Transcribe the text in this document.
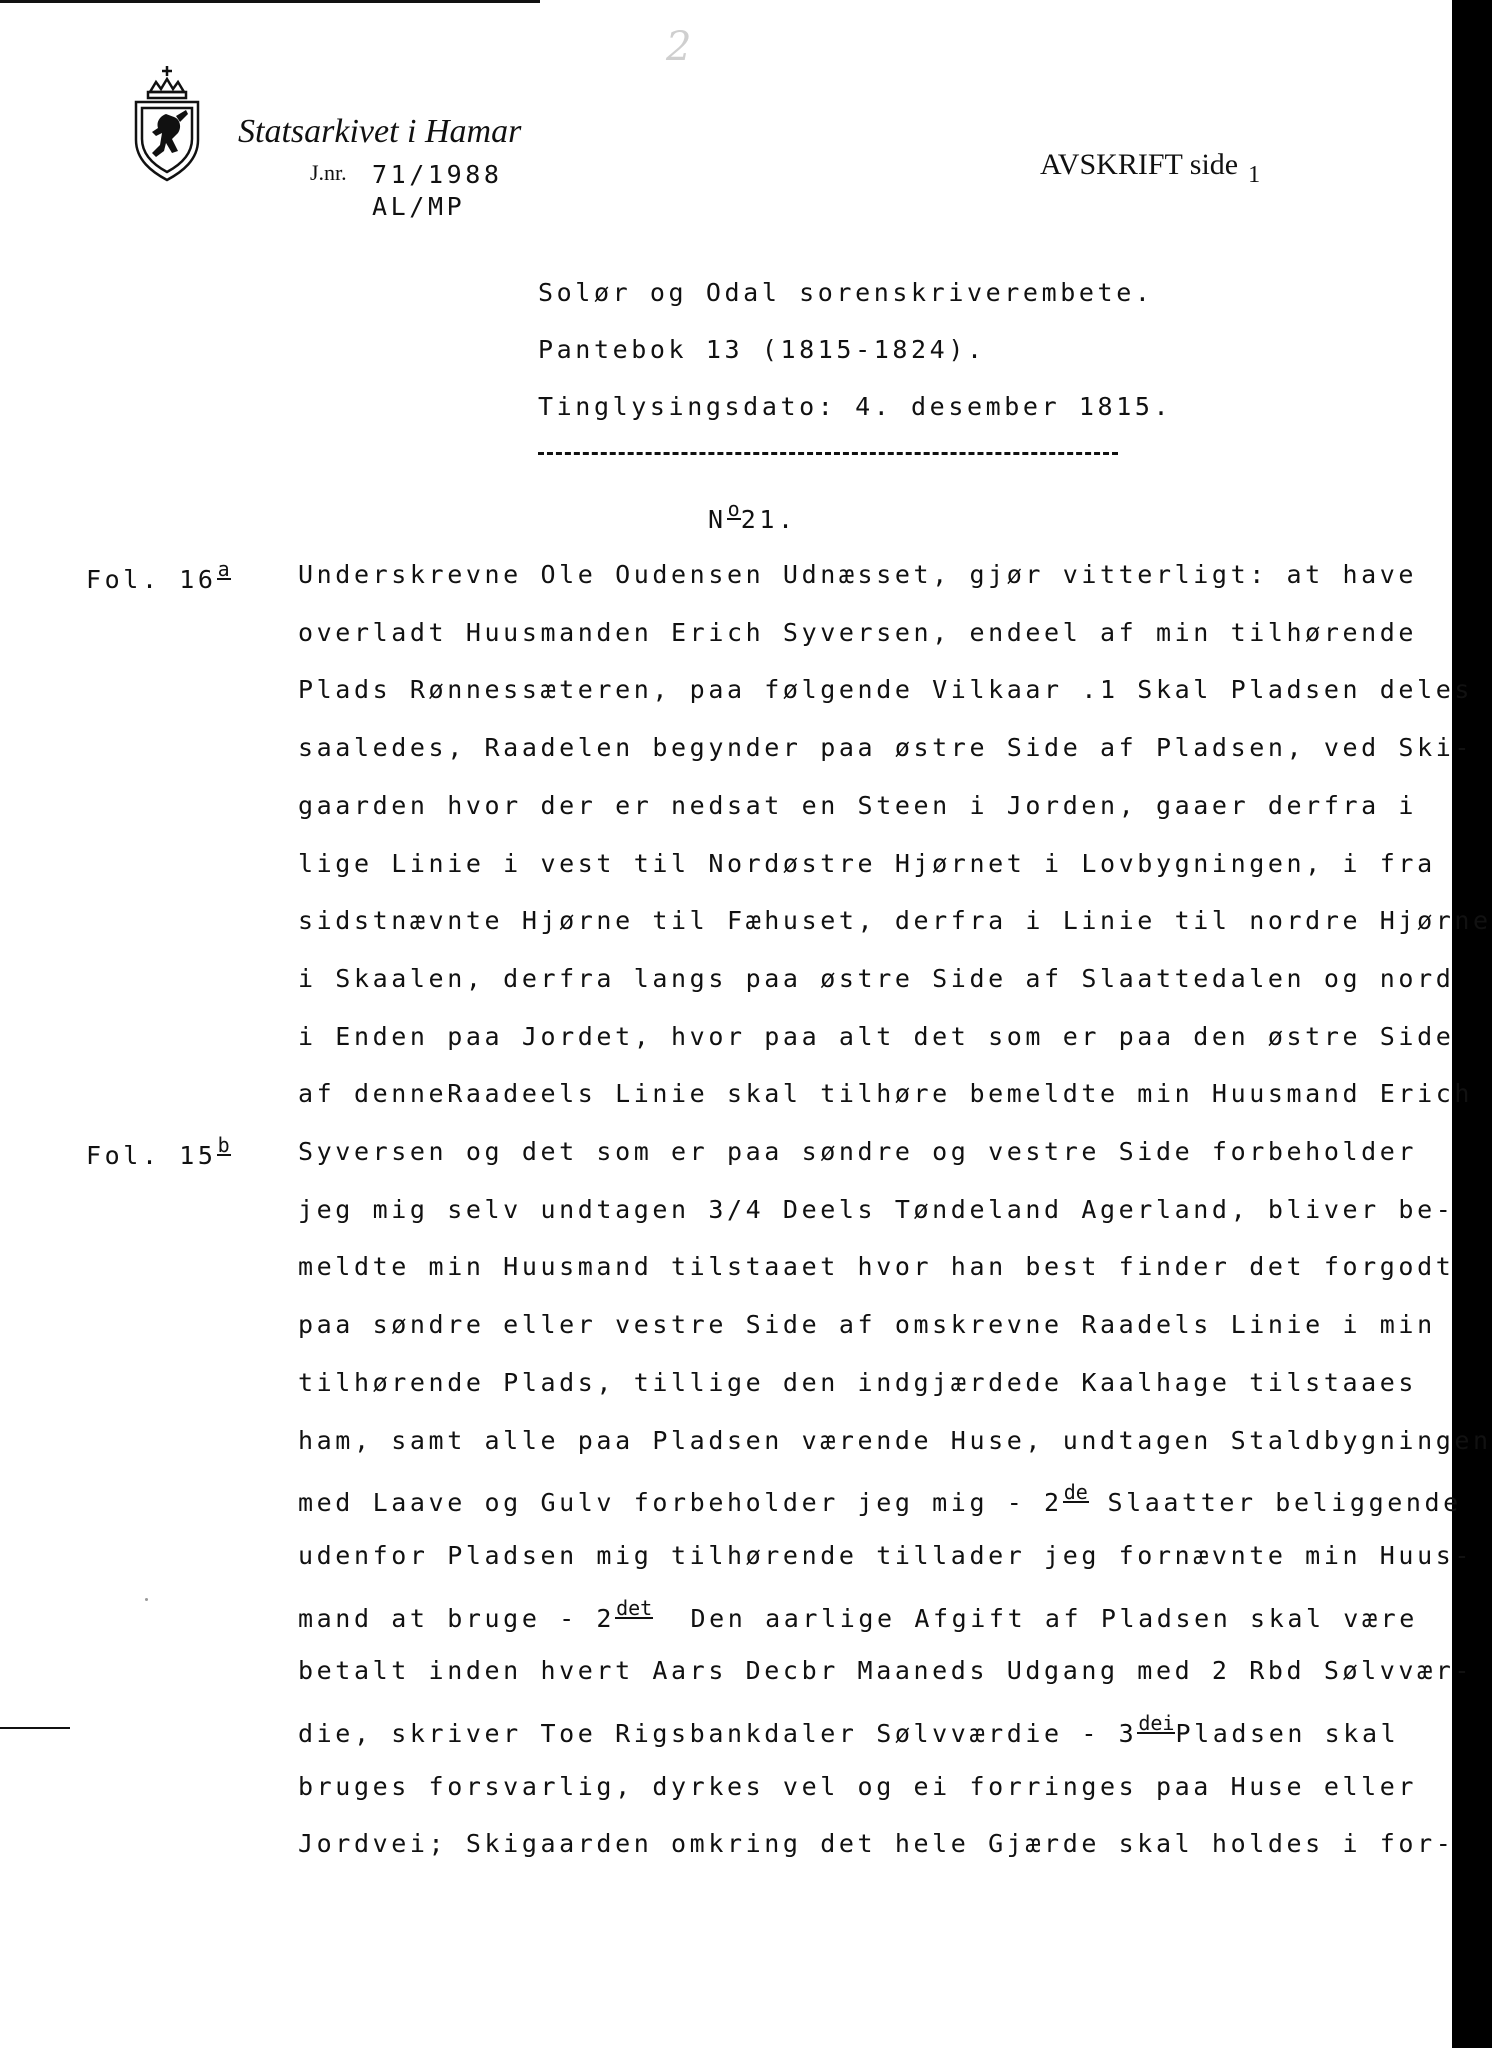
2
Statsarkivet i Hamar
J.nr. 71/1988
AL/MP
AVSKRIFT side $_1$
Solør og Odal sorenskriverembete.
Pantebok 13 (1815-1824).
Tinglysingsdato: 4. desember 1815.
No21.
Fol. 16a
Fol. 15b
Underskrevne Ole Oudensen Udnæsset, gjør vitterligt: at have
overladt Huusmanden Erich Syversen, endeel af min tilhørende
Plads Rønnessæteren, paa følgende Vilkaar .1 Skal Pladsen deles
saaledes, Raadelen begynder paa østre Side af Pladsen, ved Ski-
gaarden hvor der er nedsat en Steen i Jorden, gaaer derfra i
lige Linie i vest til Nordøstre Hjørnet i Lovbygningen, i fra
sidstnævnte Hjørne til Fæhuset, derfra i Linie til nordre Hjørne
i Skaalen, derfra langs paa østre Side af Slaattedalen og nord
i Enden paa Jordet, hvor paa alt det som er paa den østre Side
af denneRaadeels Linie skal tilhøre bemeldte min Huusmand Erich
Syversen og det som er paa søndre og vestre Side forbeholder
jeg mig selv undtagen 3/4 Deels Tøndeland Agerland, bliver be-
meldte min Huusmand tilstaaet hvor han best finder det forgodt
paa søndre eller vestre Side af omskrevne Raadels Linie i min
tilhørende Plads, tillige den indgjærdede Kaalhage tilstaaes
ham, samt alle paa Pladsen værende Huse, undtagen Staldbygningen
med Laave og Gulv forbeholder jeg mig - 2de Slaatter beliggende
udenfor Pladsen mig tilhørende tillader jeg fornævnte min Huus-
mand at bruge - 2det  Den aarlige Afgift af Pladsen skal være
betalt inden hvert Aars Decbr Maaneds Udgang med 2 Rbd Sølvvær-
die, skriver Toe Rigsbankdaler Sølvværdie - 3deiPladsen skal
bruges forsvarlig, dyrkes vel og ei forringes paa Huse eller
Jordvei; Skigaarden omkring det hele Gjærde skal holdes i for-
